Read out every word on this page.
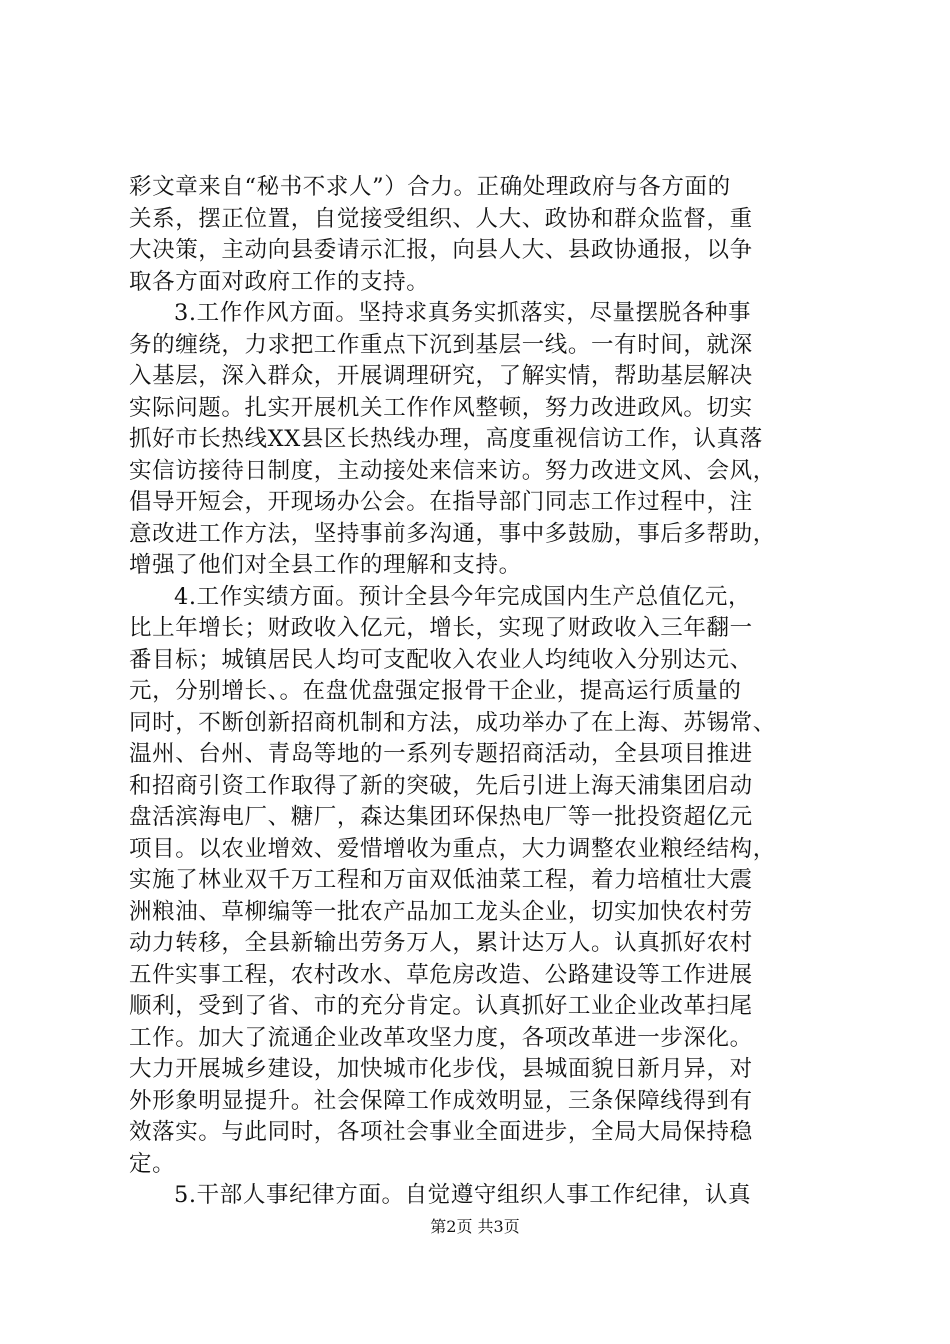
彩文章来自“秘书不求人”）合力。正确处理政府与各方面的
关系，摆正位置，自觉接受组织、人大、政协和群众监督，重
大决策，主动向县委请示汇报，向县人大、县政协通报，以争
取各方面对政府工作的支持。
3.工作作风方面。坚持求真务实抓落实，尽量摆脱各种事
务的缠绕，力求把工作重点下沉到基层一线。一有时间，就深
入基层，深入群众，开展调理研究，了解实情，帮助基层解决
实际问题。扎实开展机关工作作风整顿，努力改进政风。切实
抓好市长热线XX县区长热线办理，高度重视信访工作，认真落
实信访接待日制度，主动接处来信来访。努力改进文风、会风，
倡导开短会，开现场办公会。在指导部门同志工作过程中，注
意改进工作方法，坚持事前多沟通，事中多鼓励，事后多帮助，
增强了他们对全县工作的理解和支持。
4.工作实绩方面。预计全县今年完成国内生产总值亿元，
比上年增长；财政收入亿元，增长，实现了财政收入三年翻一
番目标；城镇居民人均可支配收入农业人均纯收入分别达元、
元，分别增长、。在盘优盘强定报骨干企业，提高运行质量的
同时，不断创新招商机制和方法，成功举办了在上海、苏锡常、
温州、台州、青岛等地的一系列专题招商活动，全县项目推进
和招商引资工作取得了新的突破，先后引进上海天浦集团启动
盘活滨海电厂、糖厂，森达集团环保热电厂等一批投资超亿元
项目。以农业增效、爱惜增收为重点，大力调整农业粮经结构，
实施了林业双千万工程和万亩双低油菜工程，着力培植壮大震
洲粮油、草柳编等一批农产品加工龙头企业，切实加快农村劳
动力转移，全县新输出劳务万人，累计达万人。认真抓好农村
五件实事工程，农村改水、草危房改造、公路建设等工作进展
顺利，受到了省、市的充分肯定。认真抓好工业企业改革扫尾
工作。加大了流通企业改革攻坚力度，各项改革进一步深化。
大力开展城乡建设，加快城市化步伐，县城面貌日新月异，对
外形象明显提升。社会保障工作成效明显，三条保障线得到有
效落实。与此同时，各项社会事业全面进步，全局大局保持稳
定。
5.干部人事纪律方面。自觉遵守组织人事工作纪律，认真
第2页 共3页
